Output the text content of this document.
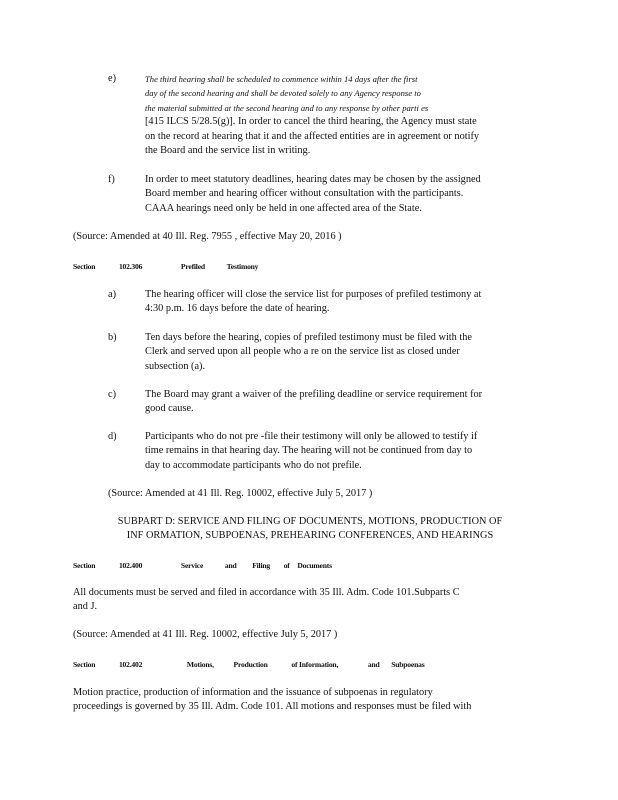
e)	The third hearing shall be scheduled to commence within 14 days after the first
day of the second hearing and shall be devoted solely to any Agency response to
the material submitted at the second hearing and to any response by other parti es
[415 ILCS 5/28.5(g)]. In order to cancel the third hearing, the Agency must state
on the record at hearing that it and the affected entities are in agreement or notify
the Board and the service list in writing.
f)	In order to meet statutory deadlines, hearing dates may be chosen by the assigned
Board member and hearing officer without consultation with the participants.
CAAA hearings need only be held in one affected area of the State.
(Source: Amended at 40 Ill. Reg. 7955 , effective May 20, 2016 )
Section	102.306	Prefiled	Testimony
a)	The hearing officer will close the service list for purposes of prefiled testimony at
4:30 p.m. 16 days before the date of hearing.
b)	Ten days before the hearing, copies of prefiled testimony must be filed with the
Clerk and served upon all people who a re on the service list as closed under
subsection (a).
c)	The Board may grant a waiver of the prefiling deadline or service requirement for
good cause.
d)	Participants who do not pre -file their testimony will only be allowed to testify if
time remains in that hearing day. The hearing will not be continued from day to
day to accommodate participants who do not prefile.
(Source: Amended at 41 Ill. Reg. 10002, effective July 5, 2017 )
SUBPART D: SERVICE AND FILING OF DOCUMENTS, MOTIONS, PRODUCTION OF
INF ORMATION, SUBPOENAS, PREHEARING CONFERENCES, AND HEARINGS
Section	102.400	Service	and Filing of Documents
All documents must be served and filed in accordance with 35 Ill. Adm. Code 101.Subparts C
and J.
(Source: Amended at 41 Ill. Reg. 10002, effective July 5, 2017 )
Section	102.402	Motions,	Production	of Information,	and Subpoenas
Motion practice, production of information and the issuance of subpoenas in regulatory
proceedings is governed by 35 Ill. Adm. Code 101. All motions and responses must be filed with
